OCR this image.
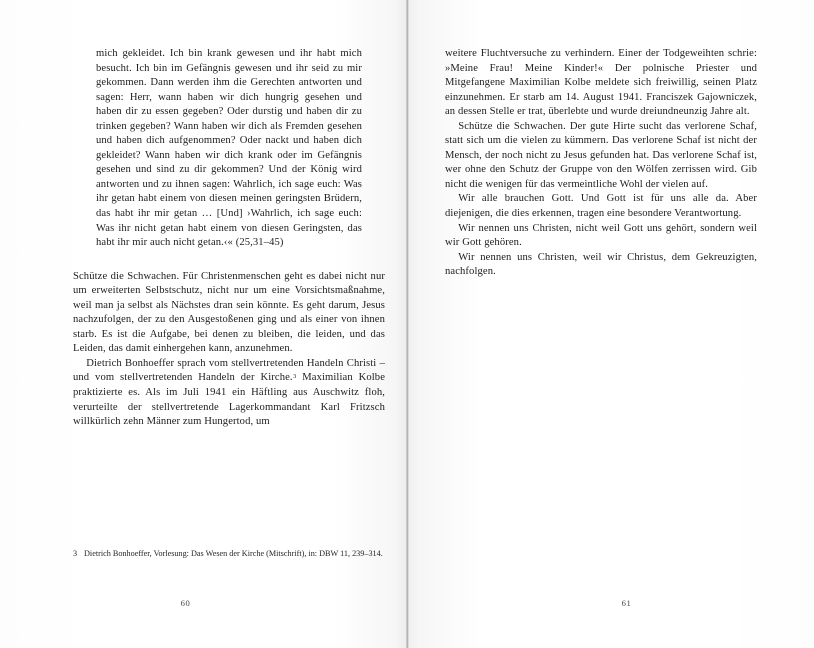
mich gekleidet. Ich bin krank gewesen und ihr habt mich besucht. Ich bin im Gefängnis gewesen und ihr seid zu mir gekommen. Dann werden ihm die Gerechten antworten und sagen: Herr, wann haben wir dich hungrig gesehen und haben dir zu essen gegeben? Oder durstig und haben dir zu trinken gegeben? Wann haben wir dich als Fremden gesehen und haben dich aufgenommen? Oder nackt und haben dich gekleidet? Wann haben wir dich krank oder im Gefängnis gesehen und sind zu dir gekommen? Und der König wird antworten und zu ihnen sagen: Wahrlich, ich sage euch: Was ihr getan habt einem von diesen meinen geringsten Brüdern, das habt ihr mir getan … [Und] ›Wahrlich, ich sage euch: Was ihr nicht getan habt einem von diesen Geringsten, das habt ihr mir auch nicht getan.‹« (25,31–45)

Schütze die Schwachen. Für Christenmenschen geht es dabei nicht nur um erweiterten Selbstschutz, nicht nur um eine Vorsichtsmaßnahme, weil man ja selbst als Nächstes dran sein könnte. Es geht darum, Jesus nachzufolgen, der zu den Ausgestoßenen ging und als einer von ihnen starb. Es ist die Aufgabe, bei denen zu bleiben, die leiden, und das Leiden, das damit einhergehen kann, anzunehmen.

Dietrich Bonhoeffer sprach vom stellvertretenden Handeln Christi – und vom stellvertretenden Handeln der Kirche.$^3$ Maximilian Kolbe praktizierte es. Als im Juli 1941 ein Häftling aus Auschwitz floh, verurteilte der stellvertretende Lagerkommandant Karl Fritzsch willkürlich zehn Männer zum Hungertod, um

3 Dietrich Bonhoeffer, Vorlesung: Das Wesen der Kirche (Mitschrift), in: DBW 11, 239–314.
60

weitere Fluchtversuche zu verhindern. Einer der Todgeweihten schrie: »Meine Frau! Meine Kinder!« Der polnische Priester und Mitgefangene Maximilian Kolbe meldete sich freiwillig, seinen Platz einzunehmen. Er starb am 14. August 1941. Franciszek Gajowniczek, an dessen Stelle er trat, überlebte und wurde dreiundneunzig Jahre alt.

Schütze die Schwachen. Der gute Hirte sucht das verlorene Schaf, statt sich um die vielen zu kümmern. Das verlorene Schaf ist nicht der Mensch, der noch nicht zu Jesus gefunden hat. Das verlorene Schaf ist, wer ohne den Schutz der Gruppe von den Wölfen zerrissen wird. Gib nicht die wenigen für das vermeintliche Wohl der vielen auf.

Wir alle brauchen Gott. Und Gott ist für uns alle da. Aber diejenigen, die dies erkennen, tragen eine besondere Verantwortung.

Wir nennen uns Christen, nicht weil Gott uns gehört, sondern weil wir Gott gehören.

Wir nennen uns Christen, weil wir Christus, dem Gekreuzigten, nachfolgen.

61
